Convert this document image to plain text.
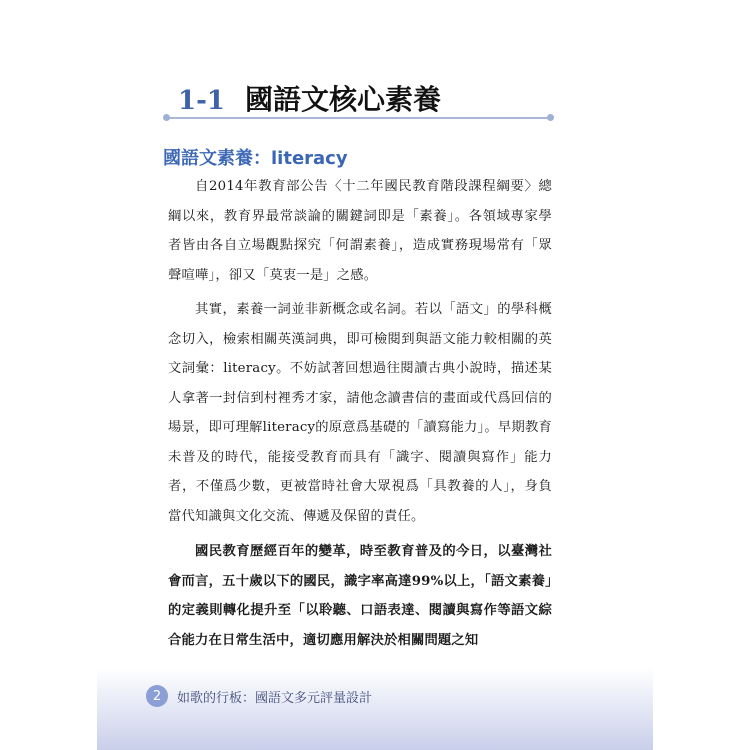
1-1 國語文核心素養
國語文素養：literacy

自2014年教育部公告〈十二年國民教育階段課程綱要〉總綱以來，教育界最常談論的關鍵詞即是「素養」。各領域專家學者皆由各自立場觀點探究「何謂素養」，造成實務現場常有「眾聲喧嘩」，卻又「莫衷一是」之感。

其實，素養一詞並非新概念或名詞。若以「語文」的學科概念切入，檢索相關英漢詞典，即可檢閱到與語文能力較相關的英文詞彙：literacy。不妨試著回想過往閱讀古典小說時，描述某人拿著一封信到村裡秀才家，請他念讀書信的畫面或代爲回信的場景，即可理解literacy的原意爲基礎的「讀寫能力」。早期教育未普及的時代，能接受教育而具有「識字、閱讀與寫作」能力者，不僅爲少數，更被當時社會大眾視爲「具教養的人」，身負當代知識與文化交流、傳遞及保留的責任。

國民教育歷經百年的變革，時至教育普及的今日，以臺灣社會而言，五十歲以下的國民，識字率高達99%以上，「語文素養」的定義則轉化提升至「以聆聽、口語表達、閱讀與寫作等語文綜合能力在日常生活中，適切應用解決於相關問題之知

2	如歌的行板：國語文多元評量設計
